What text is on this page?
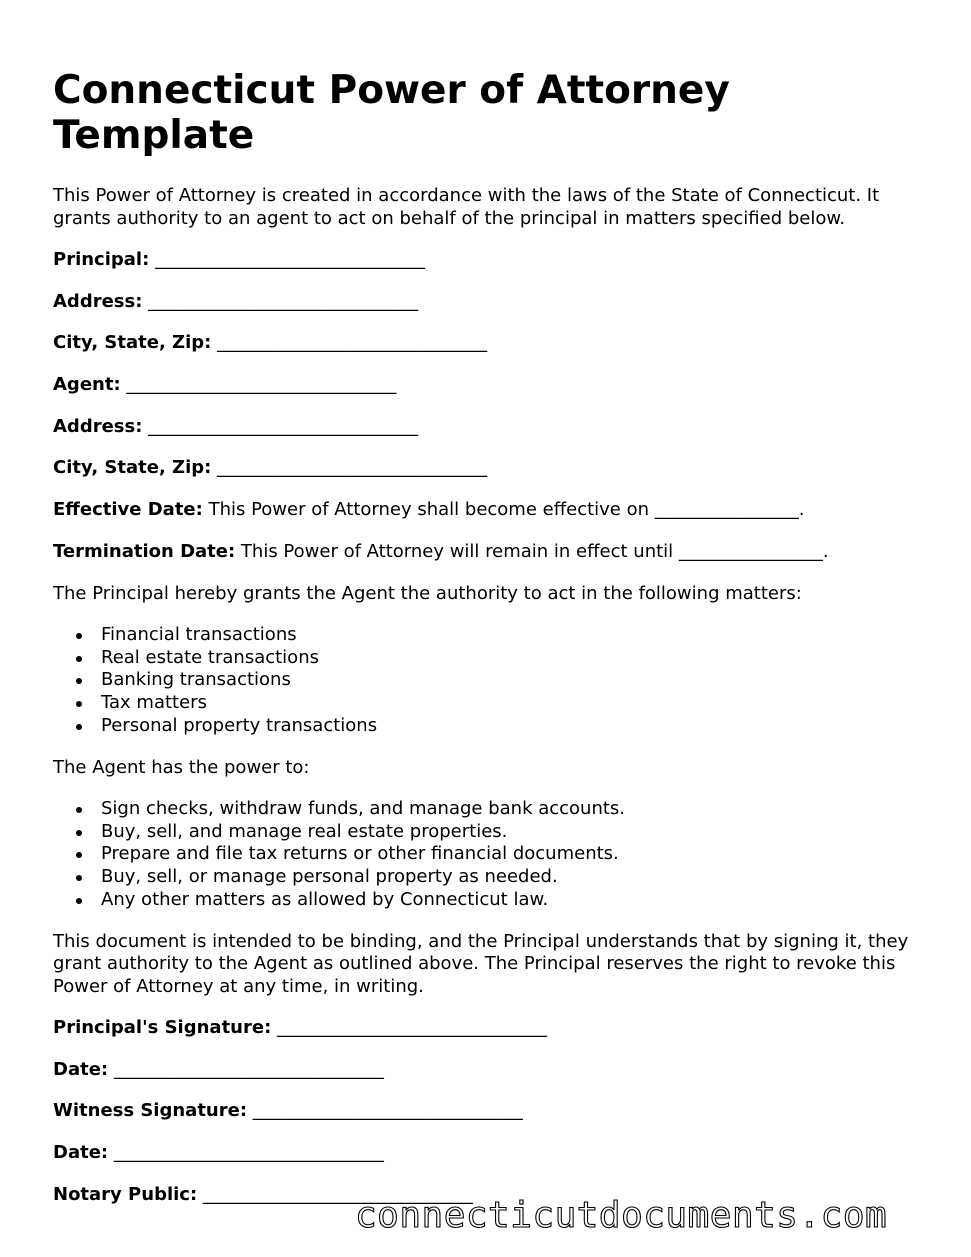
Connecticut Power of Attorney Template

This Power of Attorney is created in accordance with the laws of the State of Connecticut. It grants authority to an agent to act on behalf of the principal in matters specified below.

Principal: ______________________________

Address: ______________________________

City, State, Zip: ______________________________

Agent: ______________________________

Address: ______________________________

City, State, Zip: ______________________________

Effective Date: This Power of Attorney shall become effective on ________________.

Termination Date: This Power of Attorney will remain in effect until ________________.

The Principal hereby grants the Agent the authority to act in the following matters:

Financial transactions
Real estate transactions
Banking transactions
Tax matters
Personal property transactions

The Agent has the power to:

Sign checks, withdraw funds, and manage bank accounts.
Buy, sell, and manage real estate properties.
Prepare and file tax returns or other financial documents.
Buy, sell, or manage personal property as needed.
Any other matters as allowed by Connecticut law.

This document is intended to be binding, and the Principal understands that by signing it, they grant authority to the Agent as outlined above. The Principal reserves the right to revoke this Power of Attorney at any time, in writing.

Principal's Signature: ______________________________

Date: ______________________________

Witness Signature: ______________________________

Date: ______________________________

Notary Public: ______________________________

connecticutdocuments.com
